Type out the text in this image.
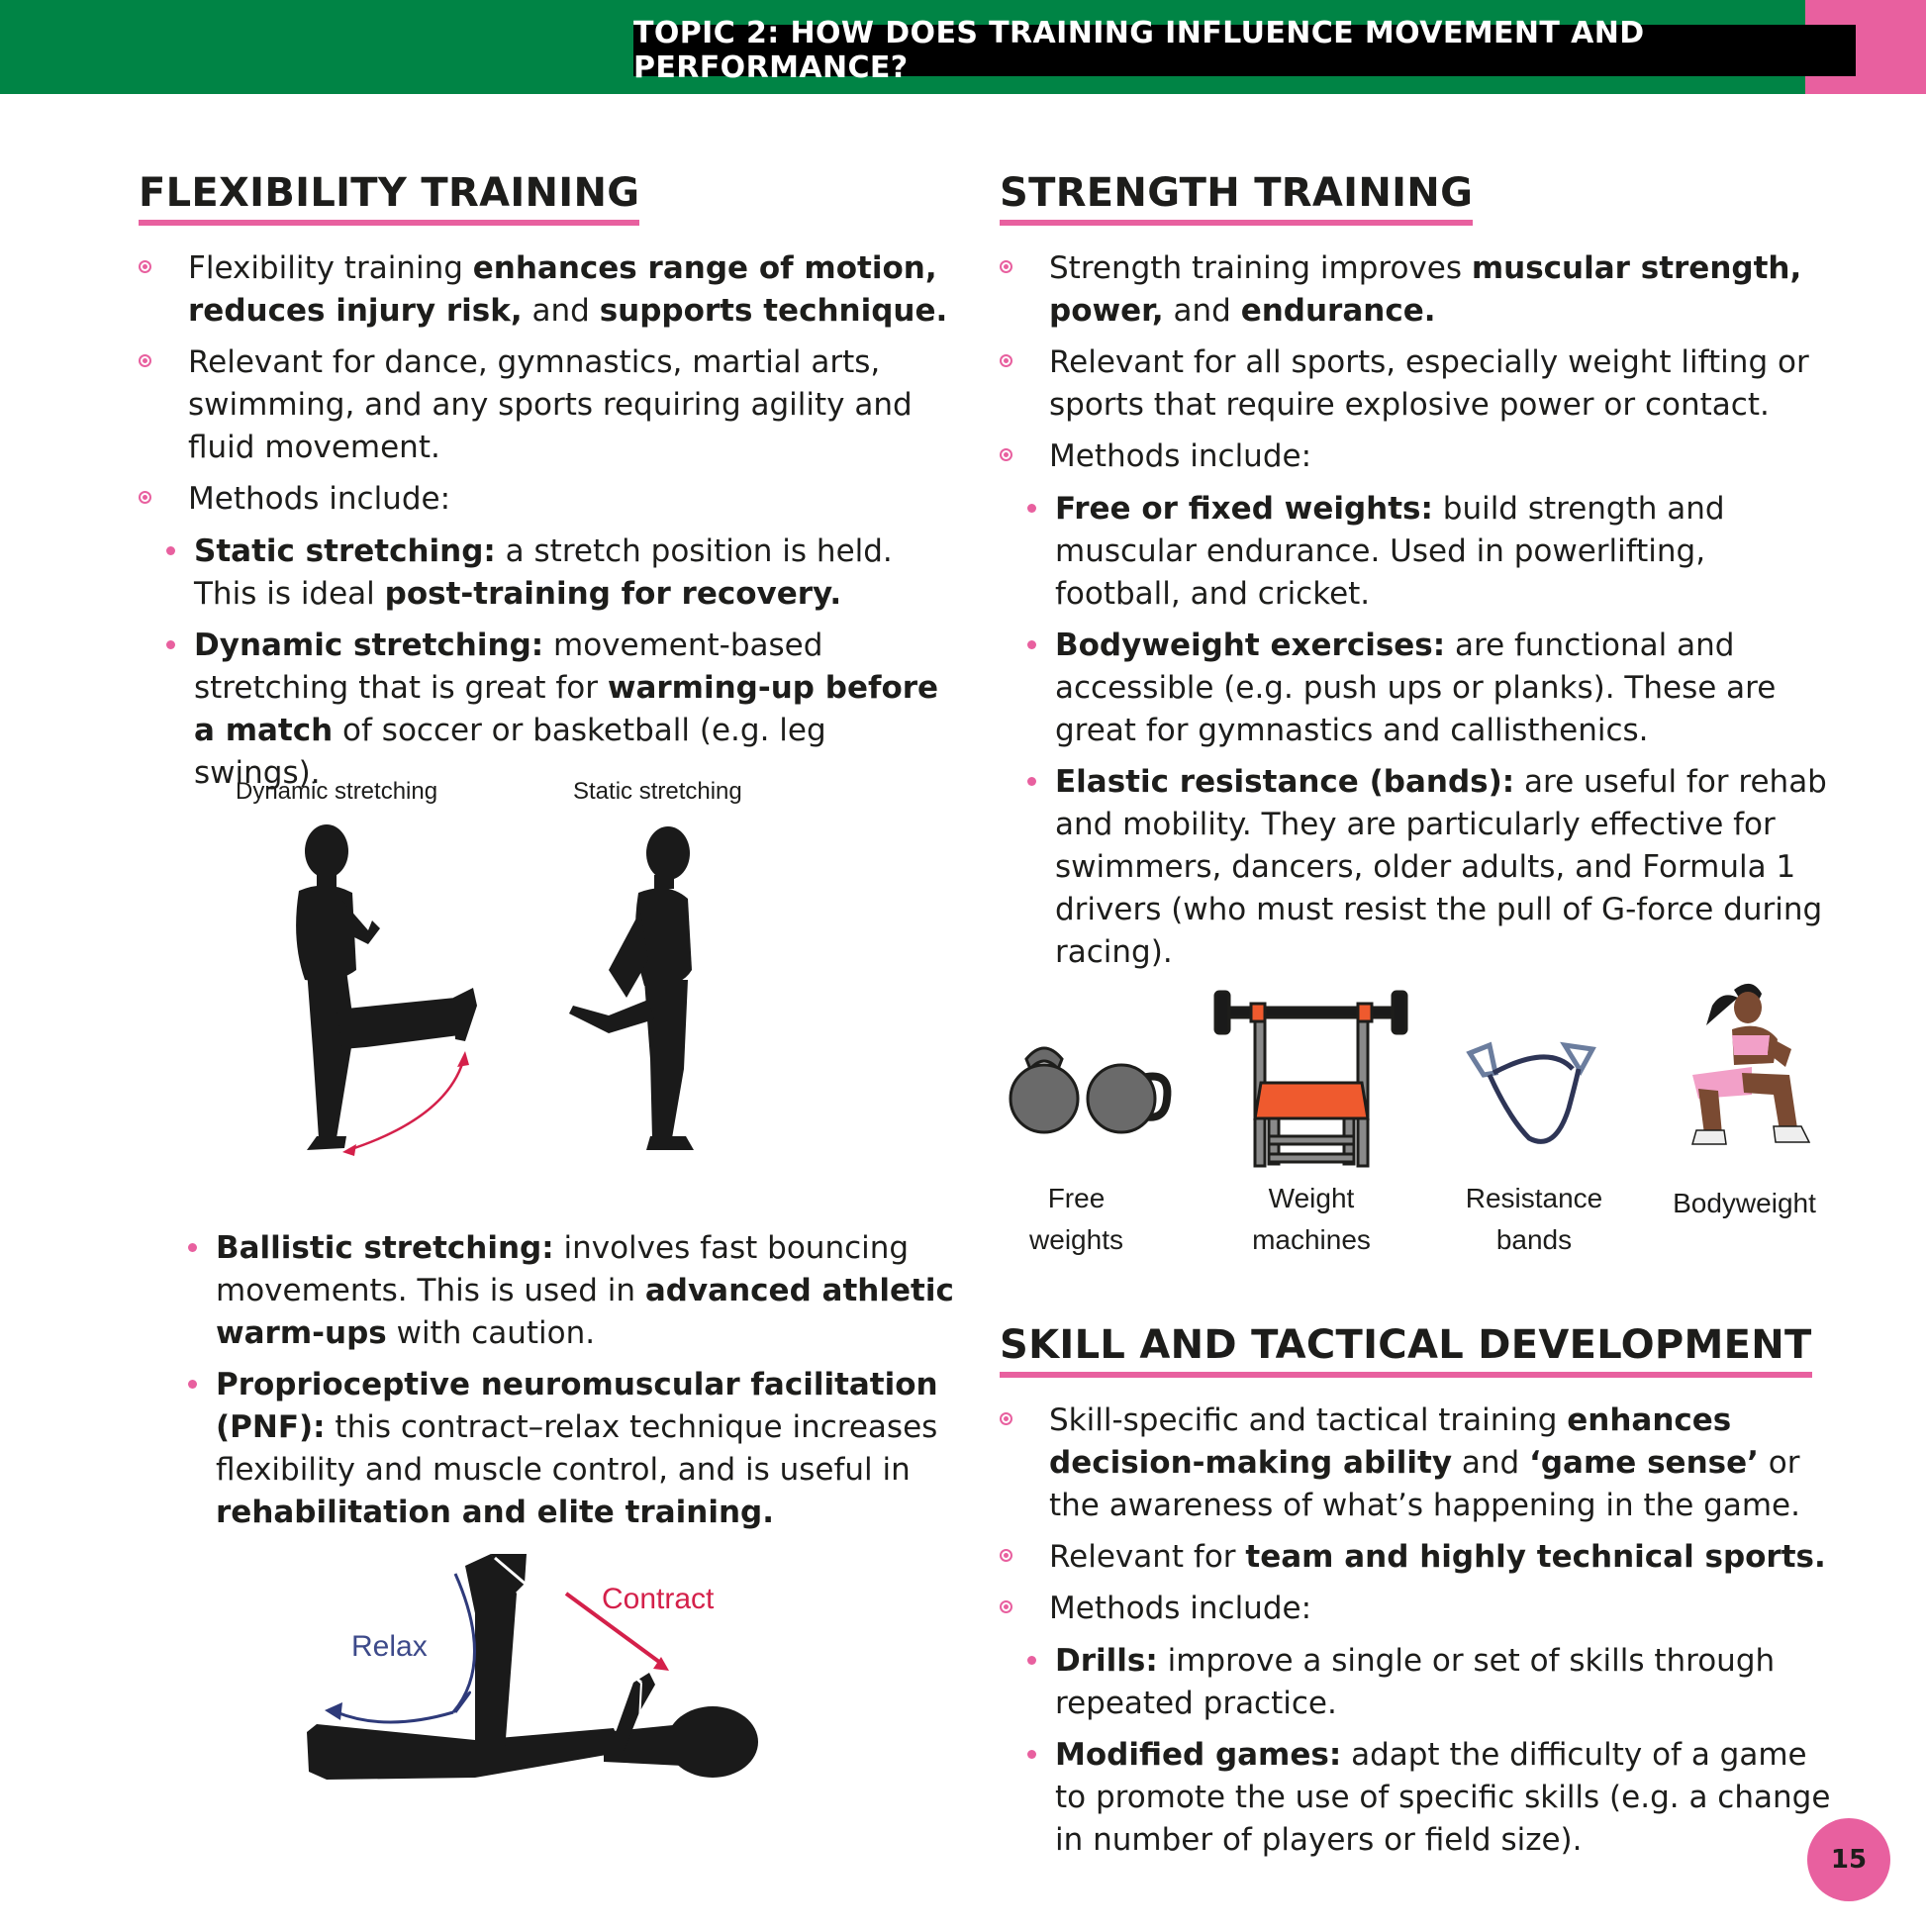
TOPIC 2: HOW DOES TRAINING INFLUENCE MOVEMENT AND PERFORMANCE?
FLEXIBILITY TRAINING
Flexibility training enhances range of motion, reduces injury risk, and supports technique.
Relevant for dance, gymnastics, martial arts, swimming, and any sports requiring agility and fluid movement.
Methods include:
Static stretching: a stretch position is held. This is ideal post-training for recovery.
Dynamic stretching: movement-based stretching that is great for warming-up before a match of soccer or basketball (e.g. leg swings).
Dynamic stretching	Static stretching
Ballistic stretching: involves fast bouncing movements. This is used in advanced athletic warm-ups with caution.
Proprioceptive neuromuscular facilitation (PNF): this contract–relax technique increases flexibility and muscle control, and is useful in rehabilitation and elite training.
Relax
Contract
STRENGTH TRAINING
Strength training improves muscular strength, power, and endurance.
Relevant for all sports, especially weight lifting or sports that require explosive power or contact.
Methods include:
Free or fixed weights: build strength and muscular endurance. Used in powerlifting, football, and cricket.
Bodyweight exercises: are functional and accessible (e.g. push ups or planks). These are great for gymnastics and callisthenics.
Elastic resistance (bands): are useful for rehab and mobility. They are particularly effective for swimmers, dancers, older adults, and Formula 1 drivers (who must resist the pull of G-force during racing).
Free
weights
Weight
machines
Resistance
bands
Bodyweight
SKILL AND TACTICAL DEVELOPMENT
Skill-specific and tactical training enhances decision-making ability and ‘game sense’ or the awareness of what’s happening in the game.
Relevant for team and highly technical sports.
Methods include:
Drills: improve a single or set of skills through repeated practice.
Modified games: adapt the difficulty of a game to promote the use of specific skills (e.g. a change in number of players or field size).
15
